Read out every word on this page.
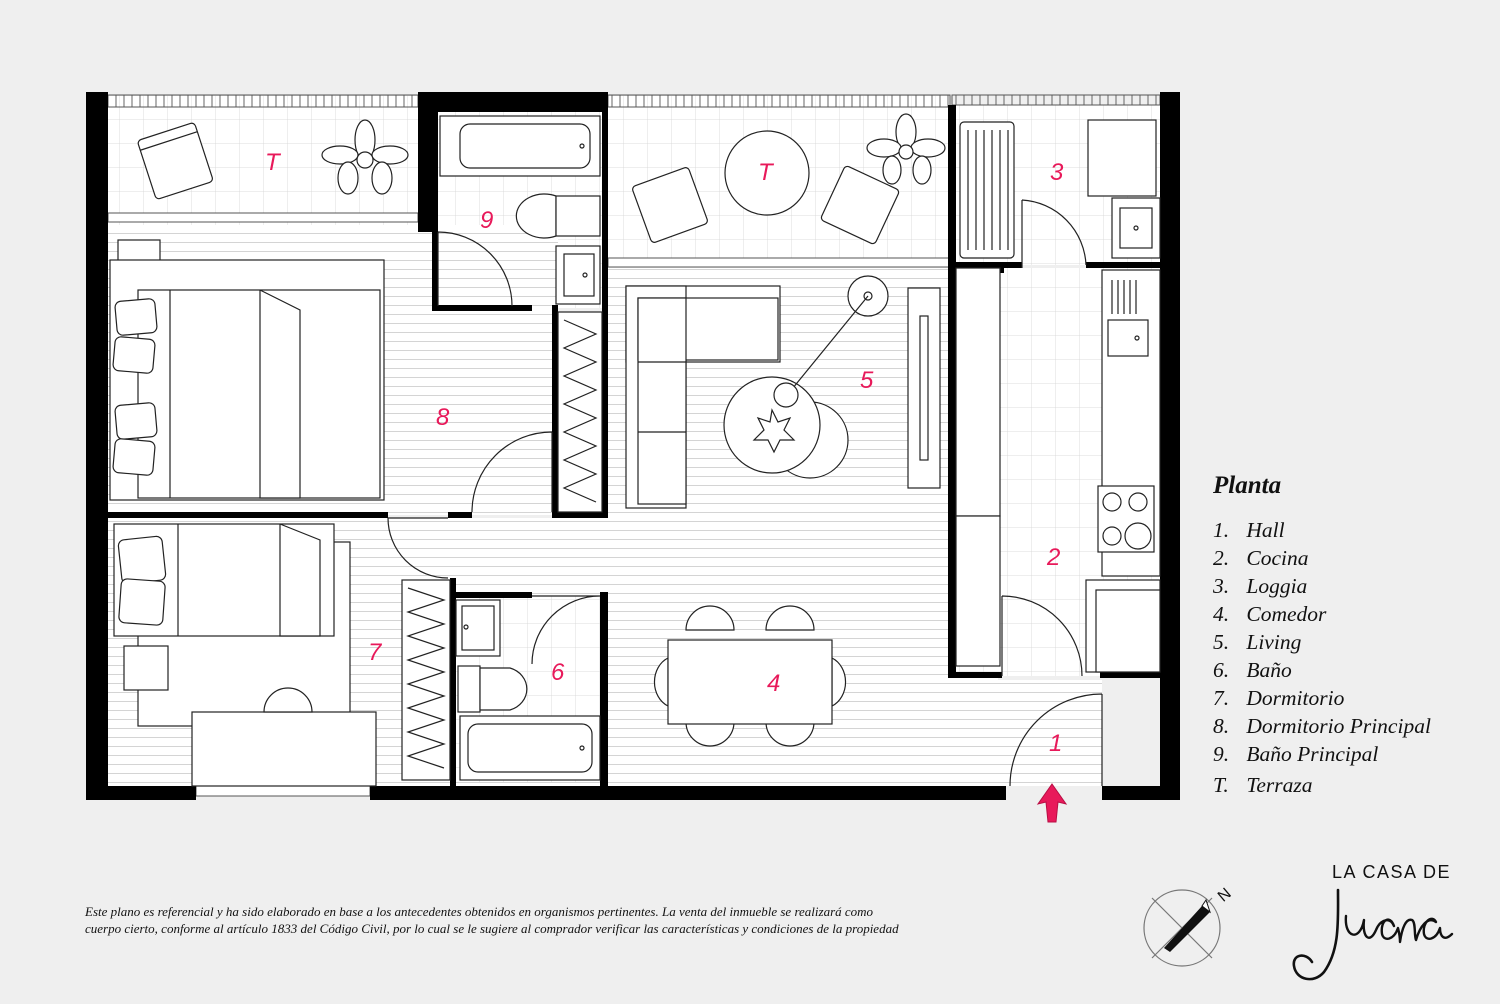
T	T	3
9
8
5
2
7
6	4
1
Planta
1. Hall
2. Cocina
3. Loggia
4. Comedor
5. Living
6. Baño
7. Dormitorio
8. Dormitorio Principal
9. Baño Principal
T. Terraza
Este plano es referencial y ha sido elaborado en base a los antecedentes obtenidos en organismos pertinentes. La venta del inmueble se realizará como
cuerpo cierto, conforme al artículo 1833 del Código Civil, por lo cual se le sugiere al comprador verificar las características y condiciones de la propiedad
N
LA CASA DE
